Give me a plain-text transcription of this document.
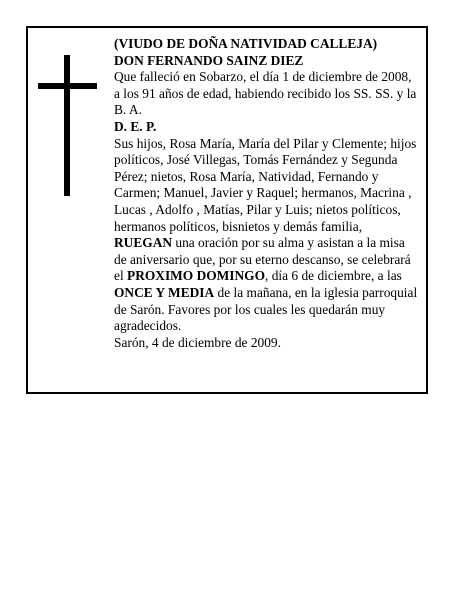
(VIUDO DE DOÑA NATIVIDAD CALLEJA)

DON FERNANDO SAINZ DIEZ

Que falleció en Sobarzo, el día 1 de diciembre de 2008, a los 91 años de edad, habiendo recibido los SS. SS. y la B. A.

D. E. P.

Sus hijos, Rosa María, María del Pilar y Clemente; hijos políticos, José Villegas, Tomás Fernández y Segunda Pérez; nietos, Rosa María, Natividad, Fernando y Carmen; Manuel, Javier y Raquel; hermanos, Macrina , Lucas , Adolfo , Matías, Pilar y Luis; nietos políticos, hermanos políticos, bisnietos y demás familia,

RUEGAN una oración por su alma y asistan a la misa de aniversario que, por su eterno descanso, se celebrará el PROXIMO DOMINGO, día 6 de diciembre, a las ONCE Y MEDIA de la mañana, en la iglesia parroquial de Sarón. Favores por los cuales les quedarán muy agradecidos.

Sarón, 4 de diciembre de 2009.
